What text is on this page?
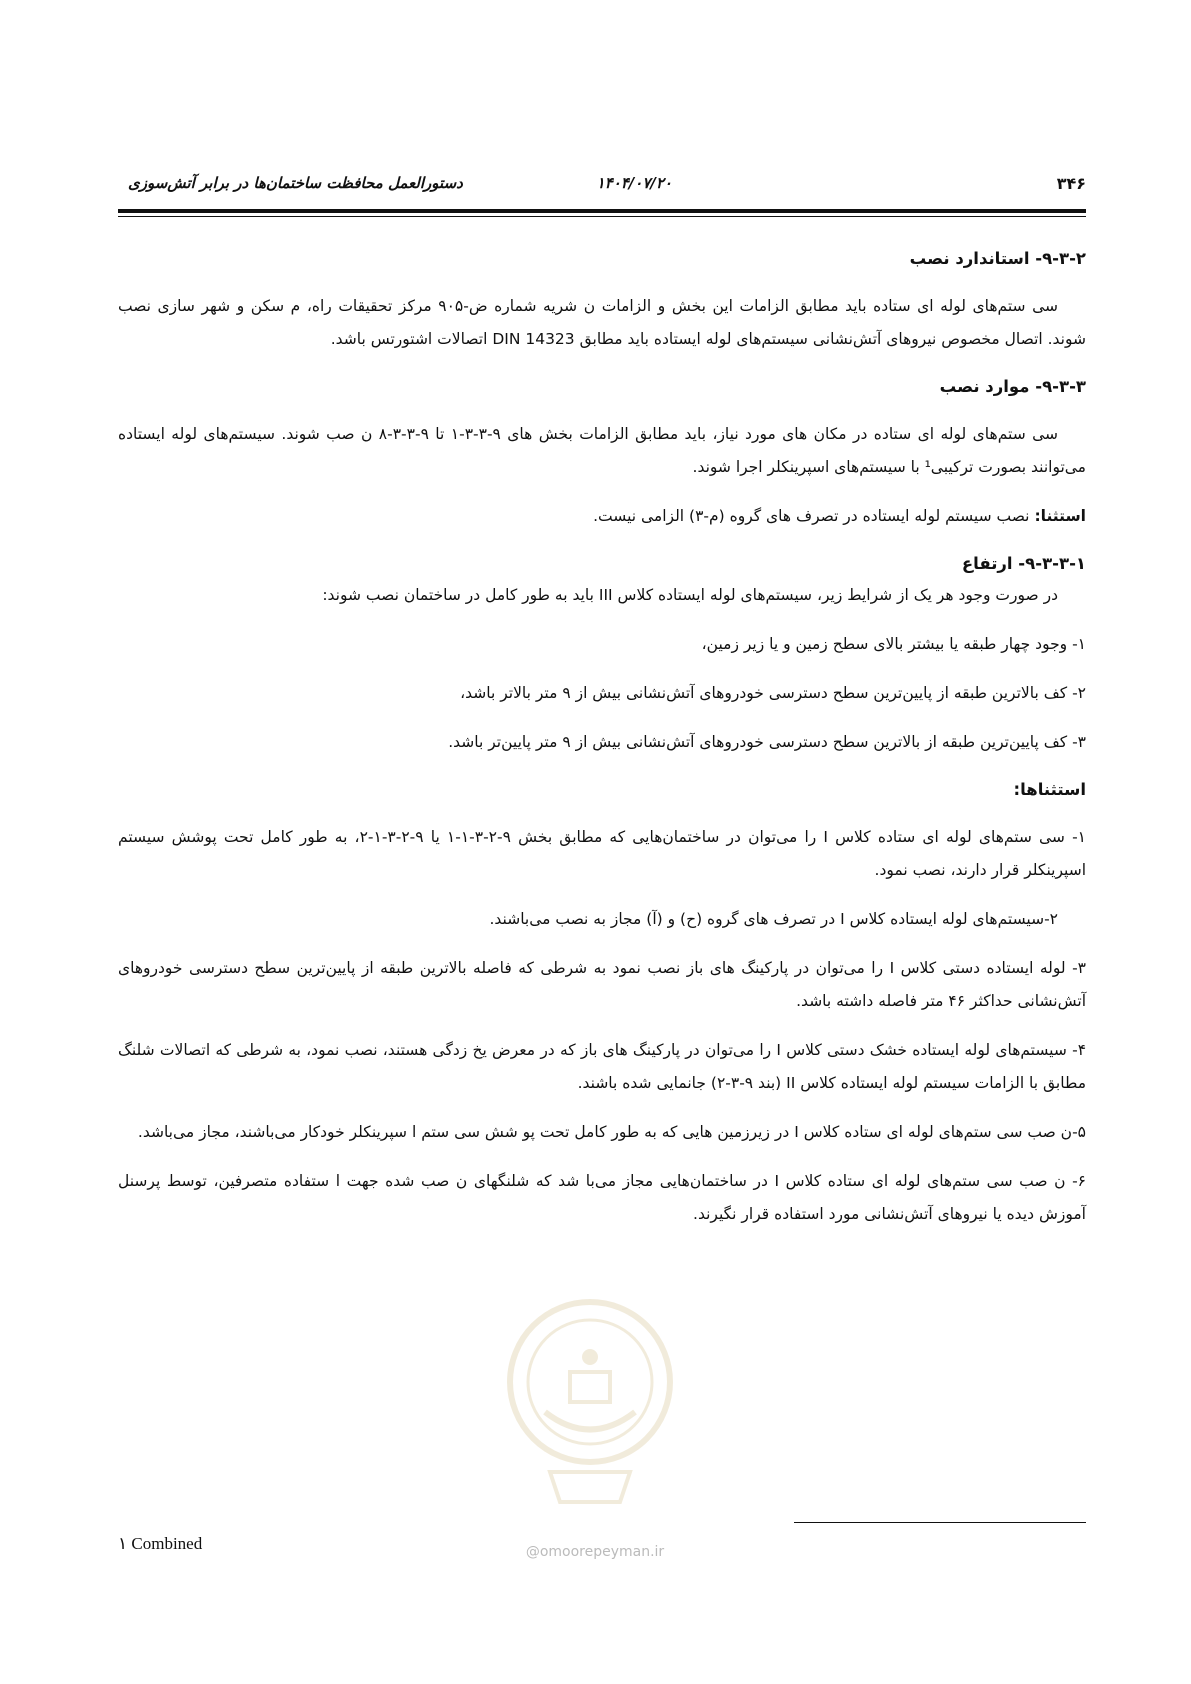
۳۴۶
۱۴۰۴/۰۷/۲۰
دستورالعمل محافظت ساختمان‌ها در برابر آتش‌سوزی
@omoorepeyman.ir
۹-۳-۲- استاندارد نصب

سی ستم‌های لوله ای ستاده باید مطابق الزامات این بخش و الزامات ن شریه شماره ض-۹۰۵ مرکز تحقیقات راه، م سکن و شهر سازی نصب شوند. اتصال مخصوص نیروهای آتش‌نشانی سیستم‌های لوله ایستاده باید مطابق DIN 14323 اتصالات اشتورتس باشد.

۹-۳-۳- موارد نصب

سی ستم‌های لوله ای ستاده در مکان های مورد نیاز، باید مطابق الزامات بخش های ۹-۳-۳-۱ تا ۹-۳-۳-۸ ن صب شوند. سیستم‌های لوله ایستاده می‌توانند بصورت ترکیبی¹ با سیستم‌های اسپرینکلر اجرا شوند.

استثنا: نصب سیستم لوله ایستاده در تصرف های گروه (م-۳) الزامی نیست.

۹-۳-۳-۱- ارتفاع

در صورت وجود هر یک از شرایط زیر، سیستم‌های لوله ایستاده کلاس III باید به طور کامل در ساختمان نصب شوند:

۱- وجود چهار طبقه یا بیشتر بالای سطح زمین و یا زیر زمین،

۲- کف بالاترین طبقه از پایین‌ترین سطح دسترسی خودروهای آتش‌نشانی بیش از ۹ متر بالاتر باشد،

۳- کف پایین‌ترین طبقه از بالاترین سطح دسترسی خودروهای آتش‌نشانی بیش از ۹ متر پایین‌تر باشد.

استثناها:

۱- سی ستم‌های لوله ای ستاده کلاس I را می‌توان در ساختمان‌هایی که مطابق بخش ۹-۲-۳-۱-۱ یا ۹-۲-۳-۱-۲، به طور کامل تحت پوشش سیستم اسپرینکلر قرار دارند، نصب نمود.

۲-سیستم‌های لوله ایستاده کلاس I در تصرف های گروه (ح) و (آ) مجاز به نصب می‌باشند.

۳- لوله ایستاده دستی کلاس I را می‌توان در پارکینگ های باز نصب نمود به شرطی که فاصله بالاترین طبقه از پایین‌ترین سطح دسترسی خودروهای آتش‌نشانی حداکثر ۴۶ متر فاصله داشته باشد.

۴- سیستم‌های لوله ایستاده خشک دستی کلاس I را می‌توان در پارکینگ های باز که در معرض یخ زدگی هستند، نصب نمود، به شرطی که اتصالات شلنگ مطابق با الزامات سیستم لوله ایستاده کلاس II (بند ۹-۳-۲) جانمایی شده باشند.

۵-ن صب سی ستم‌های لوله ای ستاده کلاس I در زیرزمین هایی که به طور کامل تحت پو شش سی ستم ا سپرینکلر خودکار می‌باشند، مجاز می‌باشد.

۶- ن صب سی ستم‌های لوله ای ستاده کلاس I در ساختمان‌هایی مجاز می‌با شد که شلنگهای ن صب شده جهت ا ستفاده متصرفین، توسط پرسنل آموزش دیده یا نیروهای آتش‌نشانی مورد استفاده قرار نگیرند.

١ Combined
